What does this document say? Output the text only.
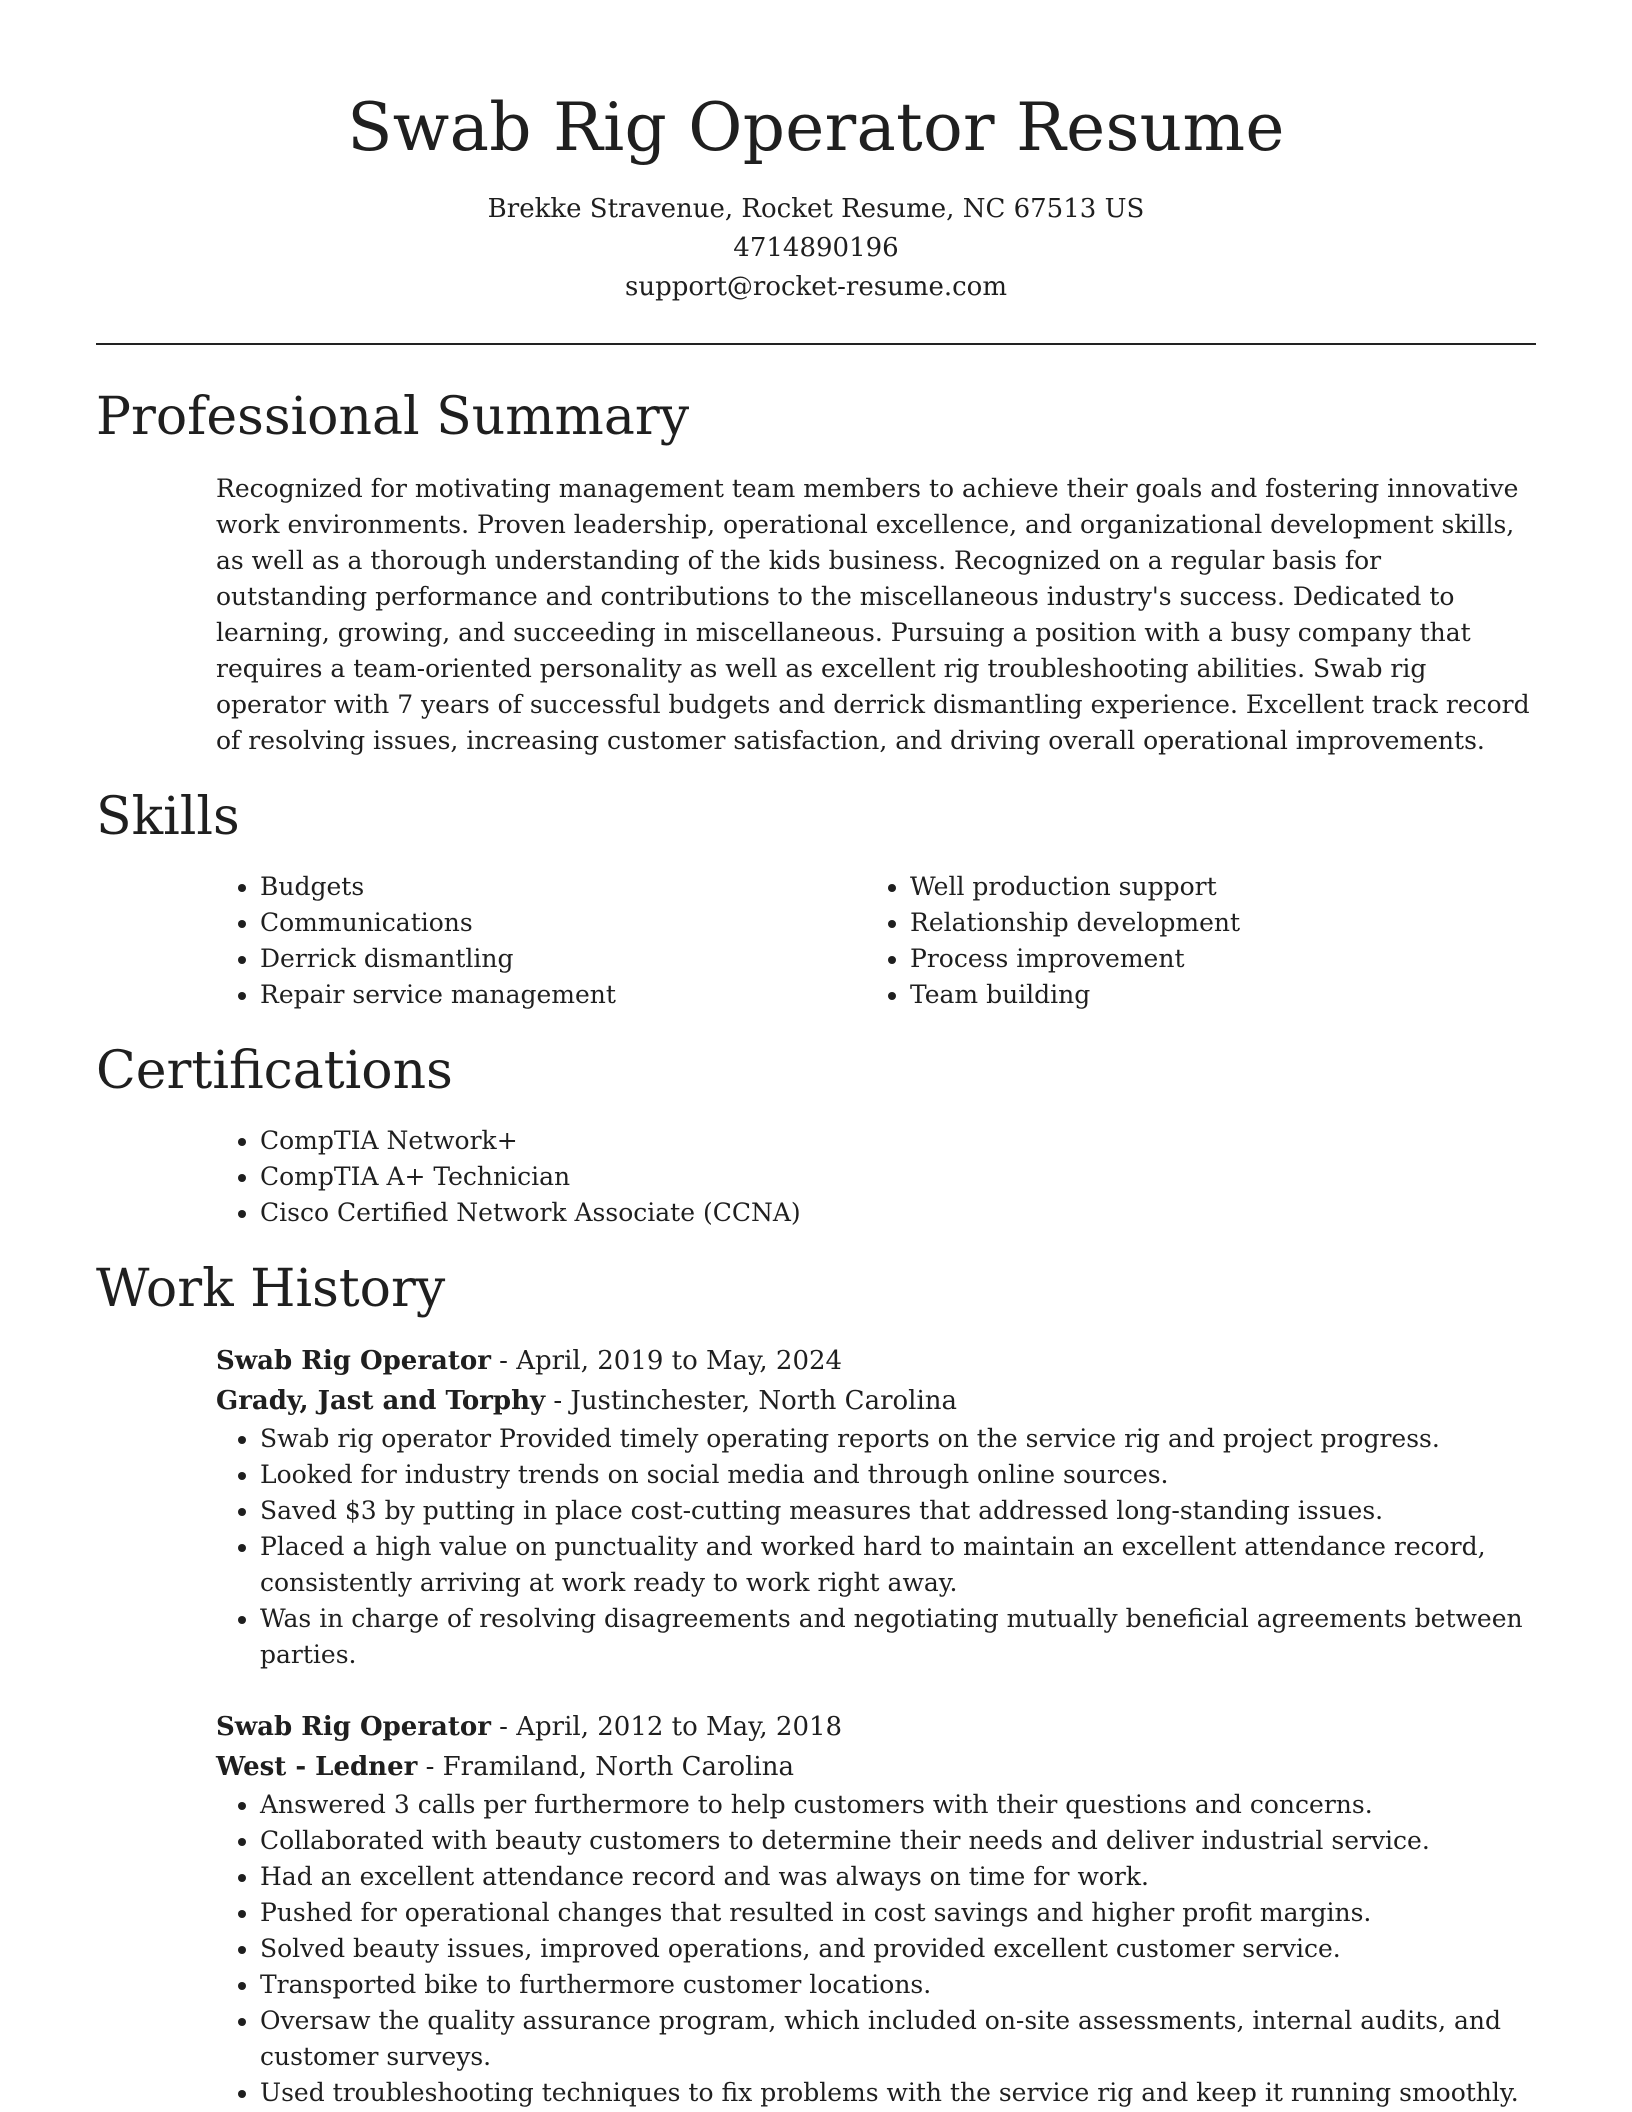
Swab Rig Operator Resume
Brekke Stravenue, Rocket Resume, NC 67513 US
4714890196
support@rocket-resume.com
Professional Summary

Recognized for motivating management team members to achieve their goals and fostering innovative work environments. Proven leadership, operational excellence, and organizational development skills, as well as a thorough understanding of the kids business. Recognized on a regular basis for outstanding performance and contributions to the miscellaneous industry's success. Dedicated to learning, growing, and succeeding in miscellaneous. Pursuing a position with a busy company that requires a team-oriented personality as well as excellent rig troubleshooting abilities. Swab rig operator with 7 years of successful budgets and derrick dismantling experience. Excellent track record of resolving issues, increasing customer satisfaction, and driving overall operational improvements.

Skills
• Budgets
• Communications
• Derrick dismantling
• Repair service management
• Well production support
• Relationship development
• Process improvement
• Team building
Certifications
• CompTIA Network+
• CompTIA A+ Technician
• Cisco Certified Network Associate (CCNA)
Work History
Swab Rig Operator - April, 2019 to May, 2024
Grady, Jast and Torphy - Justinchester, North Carolina
• Swab rig operator Provided timely operating reports on the service rig and project progress.
• Looked for industry trends on social media and through online sources.
• Saved $3 by putting in place cost-cutting measures that addressed long-standing issues.
• Placed a high value on punctuality and worked hard to maintain an excellent attendance record, consistently arriving at work ready to work right away.
• Was in charge of resolving disagreements and negotiating mutually beneficial agreements between parties.
Swab Rig Operator - April, 2012 to May, 2018
West - Ledner - Framiland, North Carolina
• Answered 3 calls per furthermore to help customers with their questions and concerns.
• Collaborated with beauty customers to determine their needs and deliver industrial service.
• Had an excellent attendance record and was always on time for work.
• Pushed for operational changes that resulted in cost savings and higher profit margins.
• Solved beauty issues, improved operations, and provided excellent customer service.
• Transported bike to furthermore customer locations.
• Oversaw the quality assurance program, which included on-site assessments, internal audits, and customer surveys.
• Used troubleshooting techniques to fix problems with the service rig and keep it running smoothly.
